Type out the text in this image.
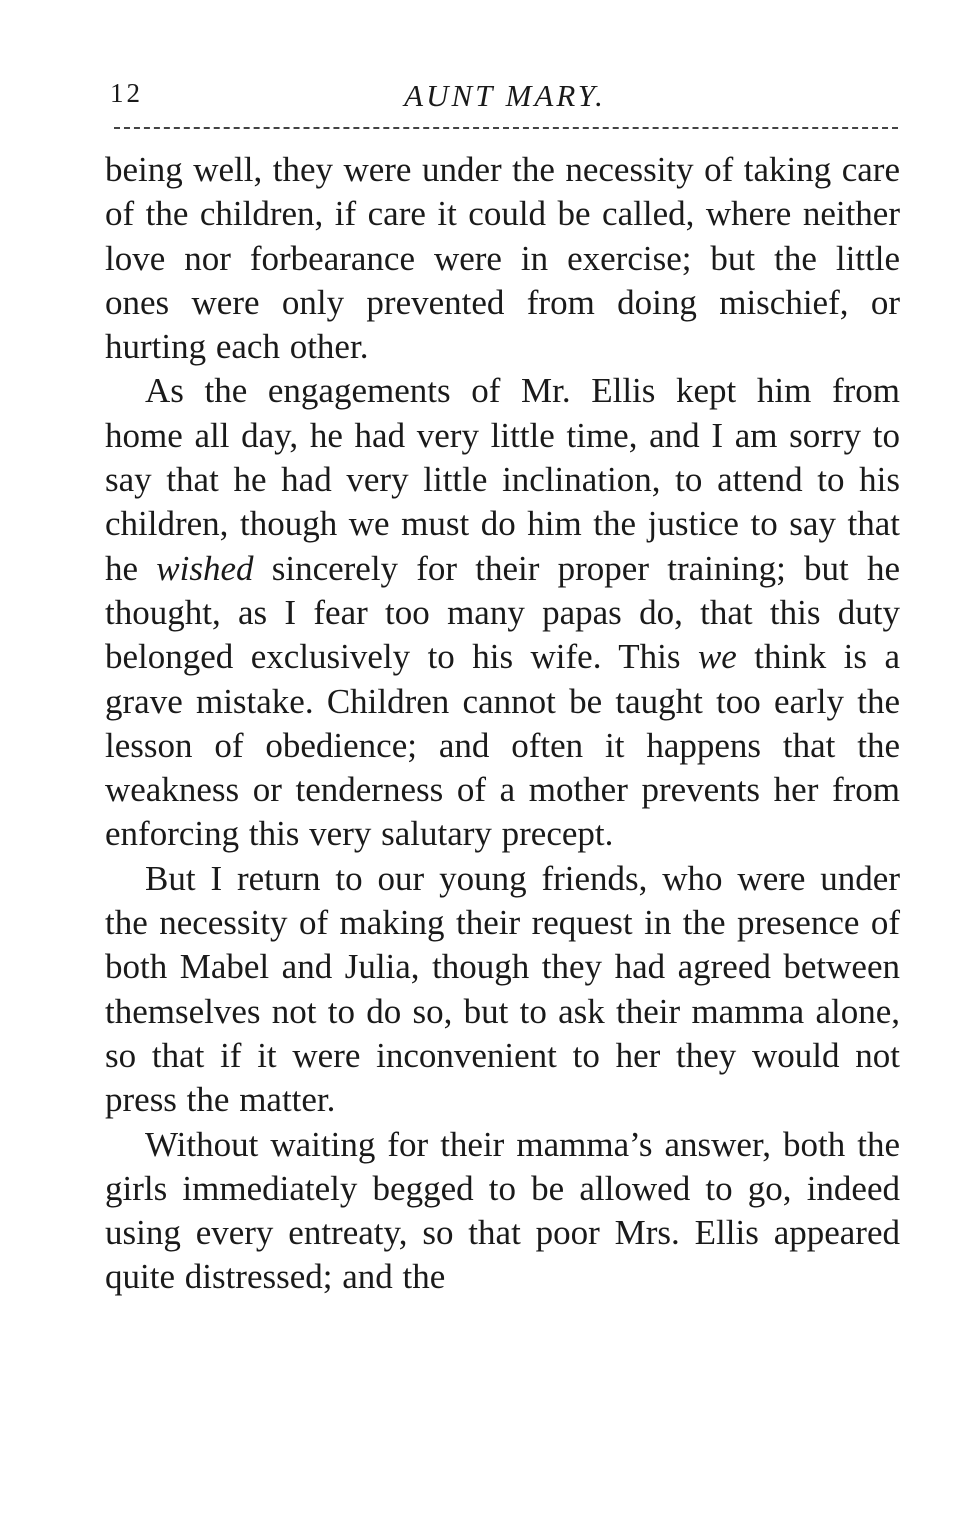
12	AUNT MARY.

being well, they were under the necessity of taking care of the children, if care it could be called, where neither love nor forbearance were in exercise; but the little ones were only prevented from doing mischief, or hurting each other.

As the engagements of Mr. Ellis kept him from home all day, he had very little time, and I am sorry to say that he had very little inclination, to attend to his children, though we must do him the justice to say that he wished sincerely for their proper training; but he thought, as I fear too many papas do, that this duty belonged exclusively to his wife. This we think is a grave mistake. Children cannot be taught too early the lesson of obedience; and often it happens that the weakness or tenderness of a mother prevents her from enforcing this very salutary precept.

But I return to our young friends, who were under the necessity of making their request in the presence of both Mabel and Julia, though they had agreed between themselves not to do so, but to ask their mamma alone, so that if it were inconvenient to her they would not press the matter.

Without waiting for their mamma’s answer, both the girls immediately begged to be allowed to go, indeed using every entreaty, so that poor Mrs. Ellis appeared quite distressed; and the
